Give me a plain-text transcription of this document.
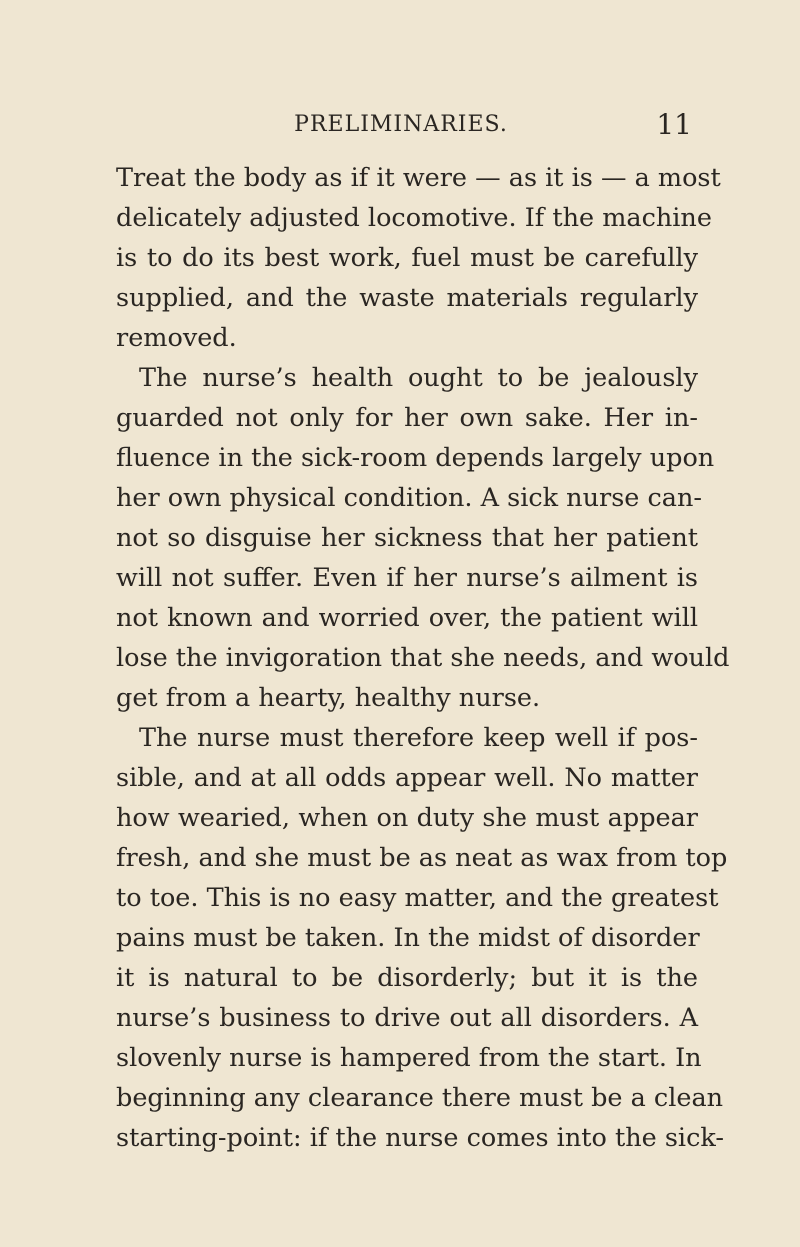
PRELIMINARIES.	11
Treat the body as if it were — as it is — a most
delicately adjusted locomotive. If the machine
is to do its best work, fuel must be carefully
supplied, and the waste materials regularly
removed.
The nurse’s health ought to be jealously
guarded not only for her own sake. Her in-
fluence in the sick-room depends largely upon
her own physical condition. A sick nurse can-
not so disguise her sickness that her patient
will not suffer. Even if her nurse’s ailment is
not known and worried over, the patient will
lose the invigoration that she needs, and would
get from a hearty, healthy nurse.
The nurse must therefore keep well if pos-
sible, and at all odds appear well. No matter
how wearied, when on duty she must appear
fresh, and she must be as neat as wax from top
to toe. This is no easy matter, and the greatest
pains must be taken. In the midst of disorder
it is natural to be disorderly; but it is the
nurse’s business to drive out all disorders. A
slovenly nurse is hampered from the start. In
beginning any clearance there must be a clean
starting-point: if the nurse comes into the sick-
